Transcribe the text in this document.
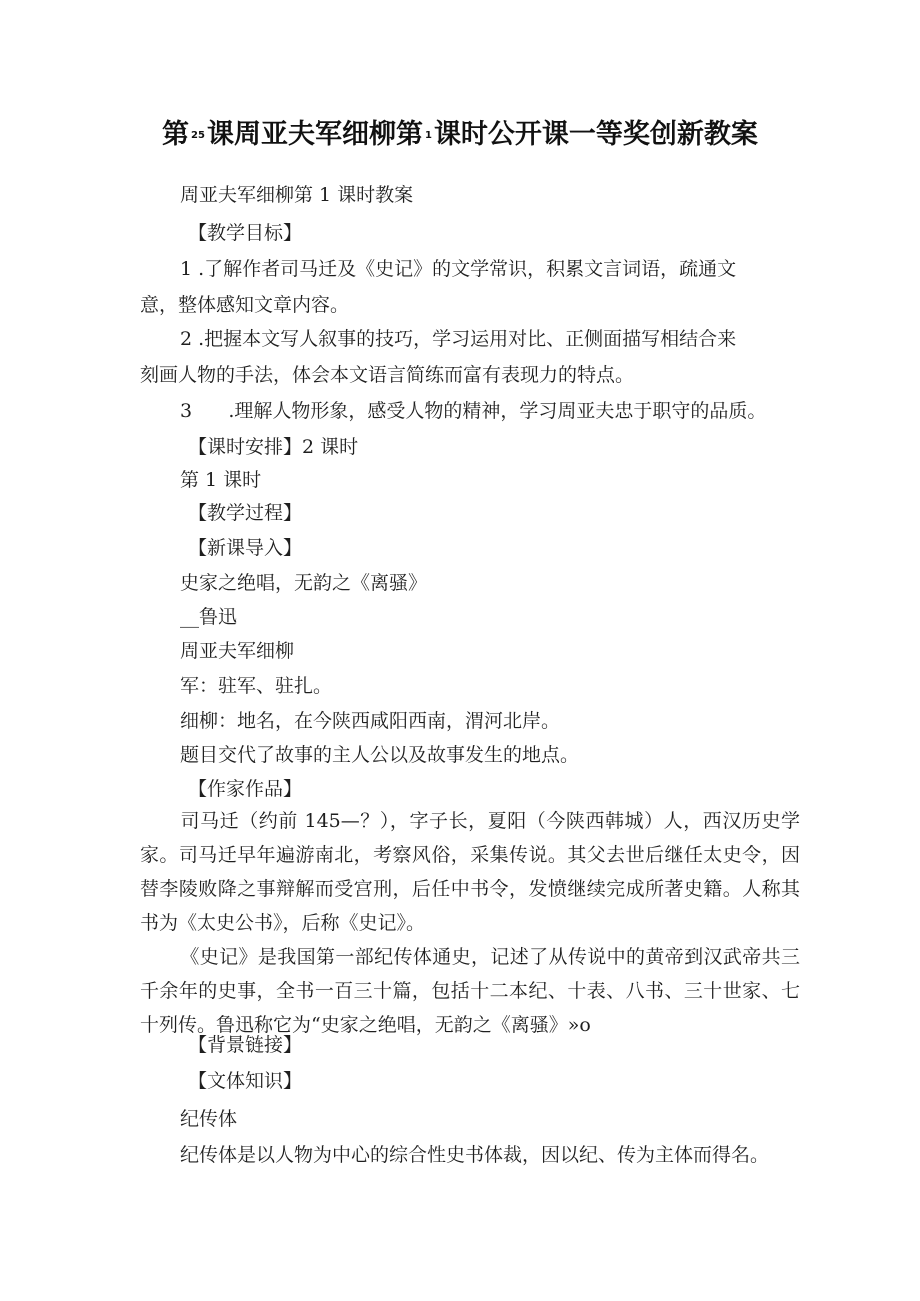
第 25课周亚夫军细柳第 1课时公开课一等奖创新教案
周亚夫军细柳第 1 课时教案
【教学目标】
1 .了解作者司马迁及《史记》的文学常识，积累文言词语，疏通文
意，整体感知文章内容。
2 .把握本文写人叙事的技巧，学习运用对比、正侧面描写相结合来
刻画人物的手法，体会本文语言简练而富有表现力的特点。
3      .理解人物形象，感受人物的精神，学习周亚夫忠于职守的品质。
【课时安排】2 课时
第 1 课时
【教学过程】
【新课导入】
史家之绝唱，无韵之《离骚》
__鲁迅
周亚夫军细柳
军：驻军、驻扎。
细柳：地名，在今陕西咸阳西南，渭河北岸。
题目交代了故事的主人公以及故事发生的地点。
【作家作品】
司马迁（约前 145—？），字子长，夏阳（今陕西韩城）人，西汉历史学家。司马迁早年遍游南北，考察风俗，采集传说。其父去世后继任太史令，因替李陵败降之事辩解而受宫刑，后任中书令，发愤继续完成所著史籍。人称其书为《太史公书》，后称《史记》。
《史记》是我国第一部纪传体通史，记述了从传说中的黄帝到汉武帝共三千余年的史事，全书一百三十篇，包括十二本纪、十表、八书、三十世家、七十列传。鲁迅称它为“史家之绝唱，无韵之《离骚》»o
【背景链接】
【文体知识】
纪传体
纪传体是以人物为中心的综合性史书体裁，因以纪、传为主体而得名。
